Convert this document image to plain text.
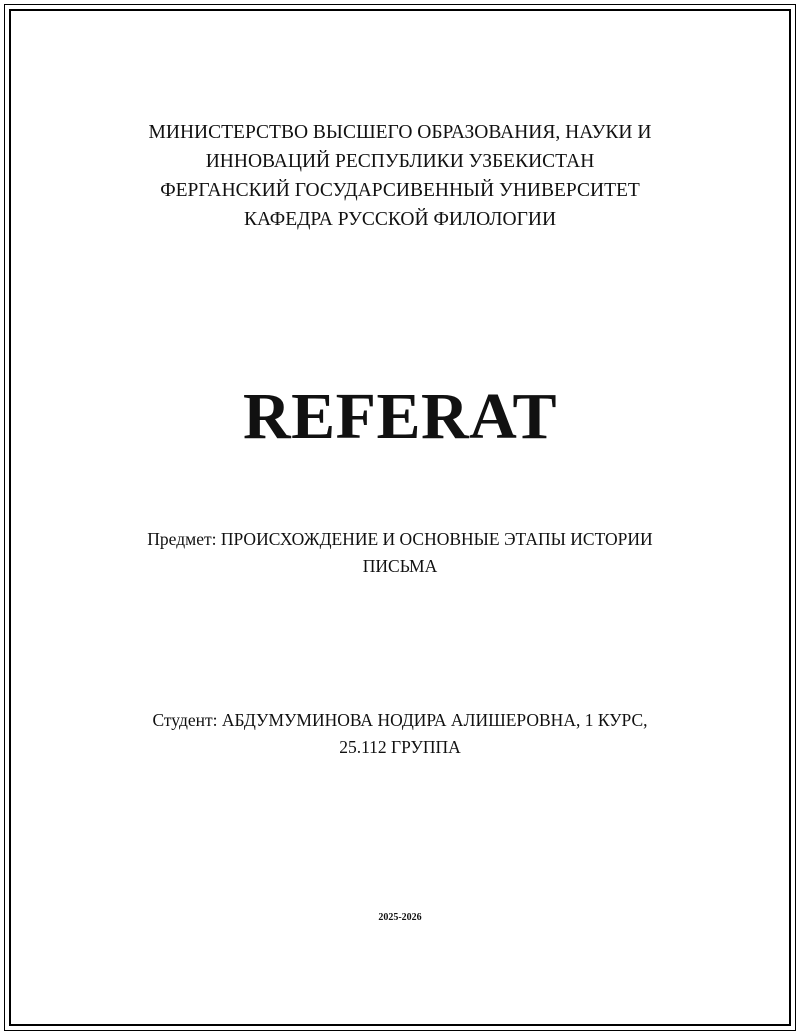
МИНИСТЕРСТВО ВЫСШЕГО ОБРАЗОВАНИЯ, НАУКИ И
ИННОВАЦИЙ РЕСПУБЛИКИ УЗБЕКИСТАН
ФЕРГАНСКИЙ ГОСУДАРСИВЕННЫЙ УНИВЕРСИТЕТ
КАФЕДРА РУССКОЙ ФИЛОЛОГИИ
REFERAT
Предмет: ПРОИСХОЖДЕНИЕ И ОСНОВНЫЕ ЭТАПЫ ИСТОРИИ
ПИСЬМА
Студент: АБДУМУМИНОВА НОДИРА АЛИШЕРОВНА, 1 КУРС,
25.112 ГРУППА
2025-2026
